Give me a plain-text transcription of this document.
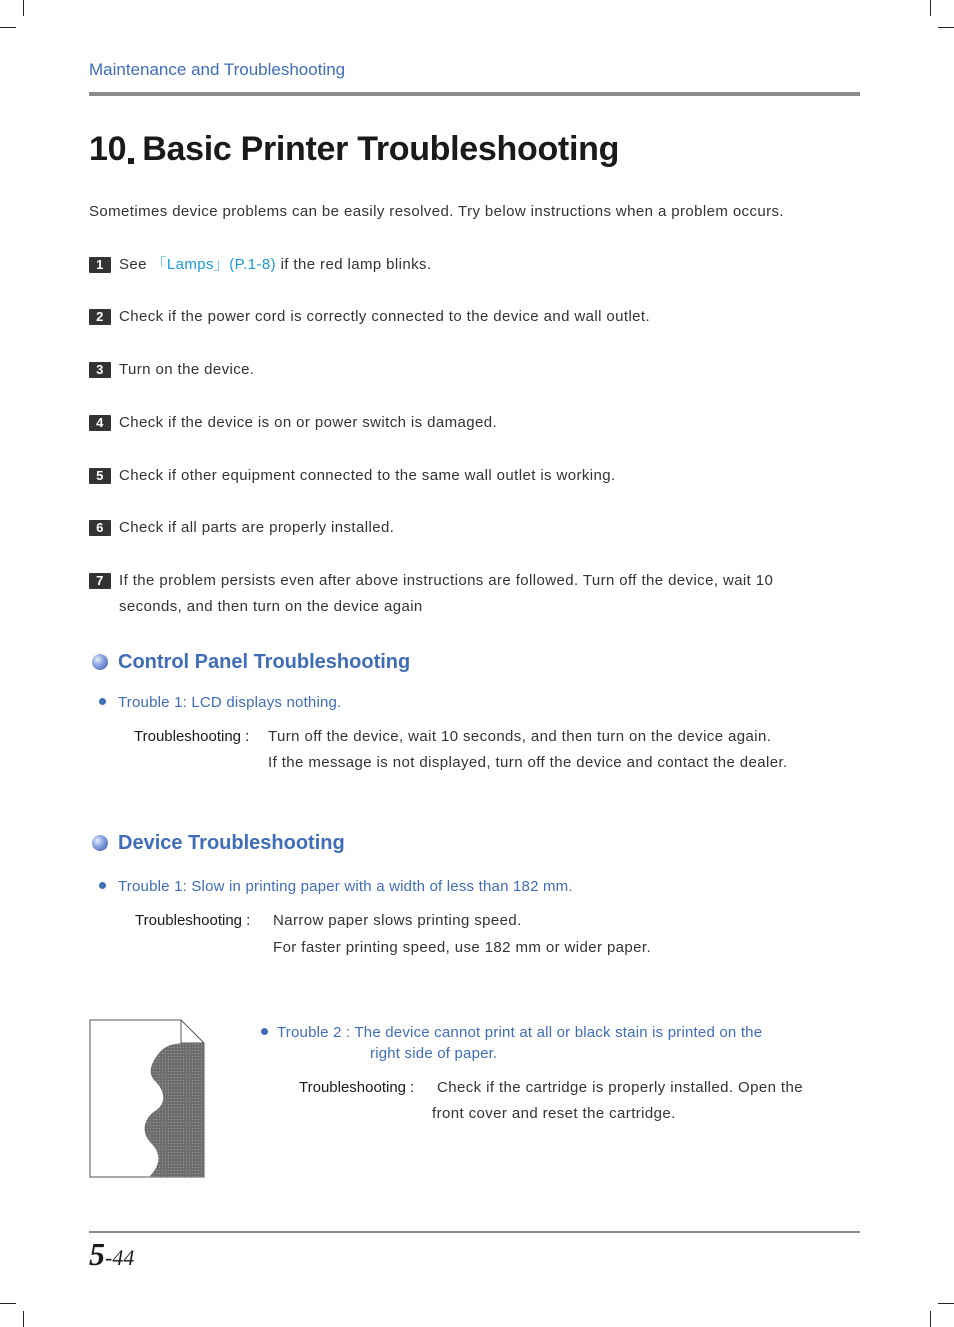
Maintenance and Troubleshooting
10 Basic Printer Troubleshooting

Sometimes device problems can be easily resolved. Try below instructions when a problem occurs.

1	See 「Lamps」(P.1-8) if the red lamp blinks.
2	Check if the power cord is correctly connected to the device and wall outlet.
3	Turn on the device.
4	Check if the device is on or power switch is damaged.
5	Check if other equipment connected to the same wall outlet is working.
6	Check if all parts are properly installed.
7	If the problem persists even after above instructions are followed. Turn off the device, wait 10
seconds, and then turn on the device again
Control Panel Troubleshooting
Trouble 1: LCD displays nothing.
Troubleshooting : Turn off the device, wait 10 seconds, and then turn on the device again.
If the message is not displayed, turn off the device and contact the dealer.
Device Troubleshooting
Trouble 1: Slow in printing paper with a width of less than 182 mm.
Troubleshooting : Narrow paper slows printing speed.
For faster printing speed, use 182 mm or wider paper.
Trouble 2 : The device cannot print at all or black stain is printed on the
right side of paper.
Troubleshooting : Check if the cartridge is properly installed. Open the
front cover and reset the cartridge.
5-44
